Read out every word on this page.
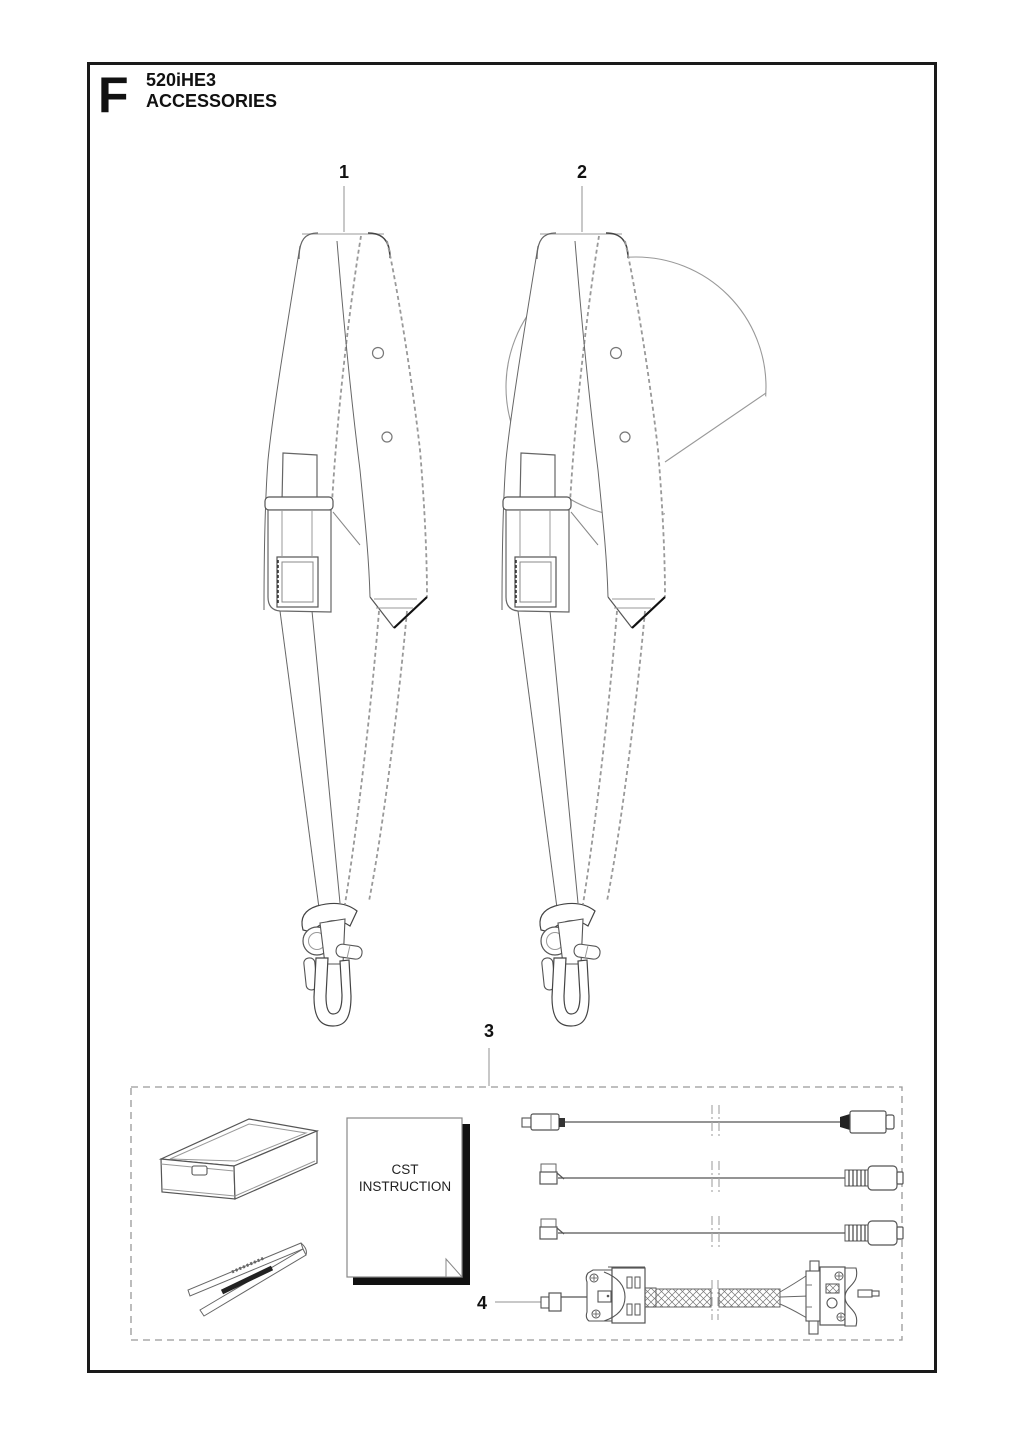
F 520iHE3
ACCESSORIES
1	2
3
4
CST
INSTRUCTION
